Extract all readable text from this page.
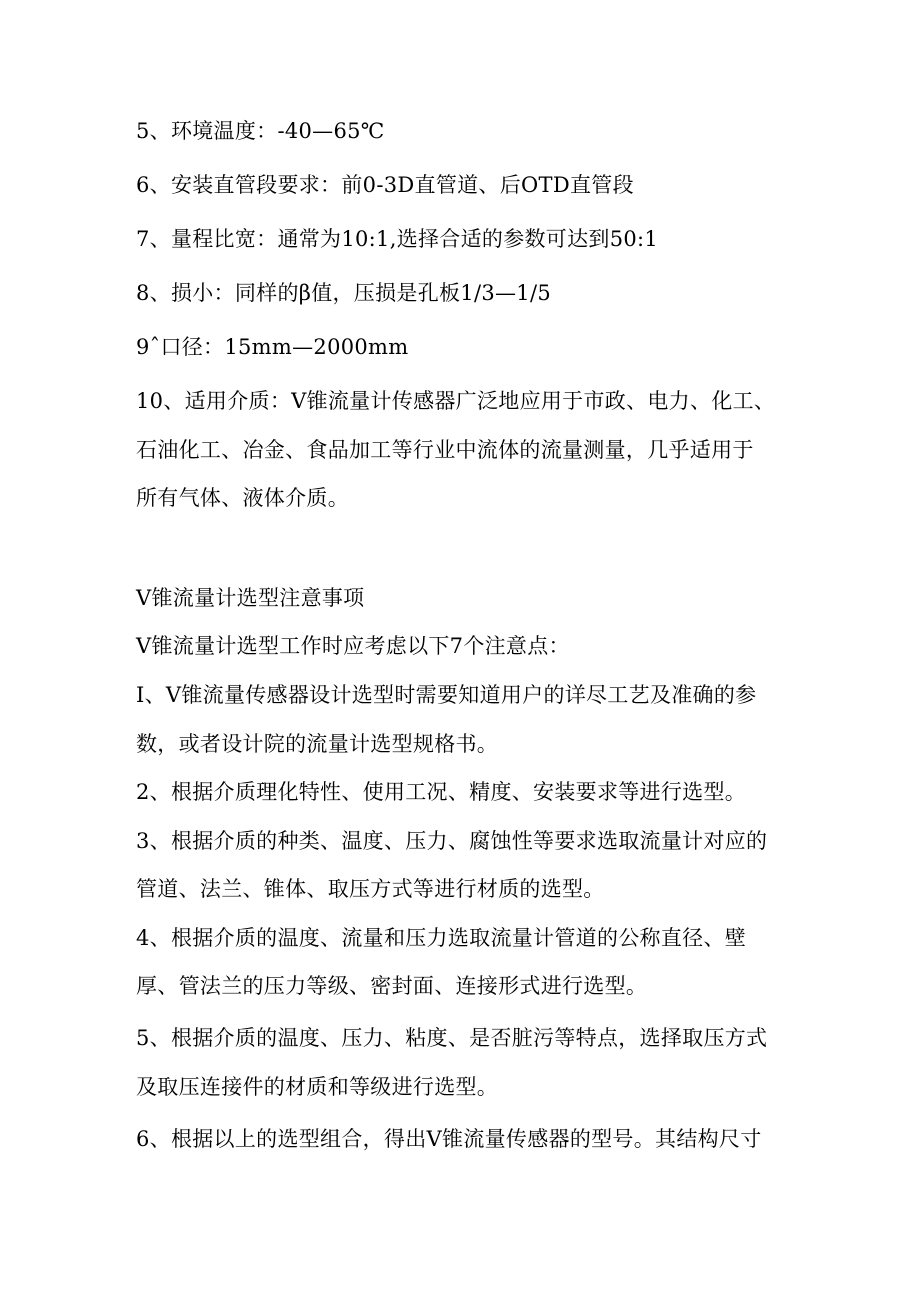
5、环境温度：-40—65℃

6、安装直管段要求：前0-3D直管道、后OTD直管段

7、量程比宽：通常为10:1,选择合适的参数可达到50:1

8、损小：同样的β值，压损是孔板1/3—1/5

9ˆ口径：15mm—2000mm

10、适用介质：V锥流量计传感器广泛地应用于市政、电力、化工、

石油化工、冶金、食品加工等行业中流体的流量测量，几乎适用于

所有气体、液体介质。

V锥流量计选型注意事项

V锥流量计选型工作时应考虑以下7个注意点：

I、V锥流量传感器设计选型时需要知道用户的详尽工艺及准确的参

数，或者设计院的流量计选型规格书。

2、根据介质理化特性、使用工况、精度、安装要求等进行选型。

3、根据介质的种类、温度、压力、腐蚀性等要求选取流量计对应的

管道、法兰、锥体、取压方式等进行材质的选型。

4、根据介质的温度、流量和压力选取流量计管道的公称直径、壁

厚、管法兰的压力等级、密封面、连接形式进行选型。

5、根据介质的温度、压力、粘度、是否脏污等特点，选择取压方式

及取压连接件的材质和等级进行选型。

6、根据以上的选型组合，得出V锥流量传感器的型号。其结构尺寸
